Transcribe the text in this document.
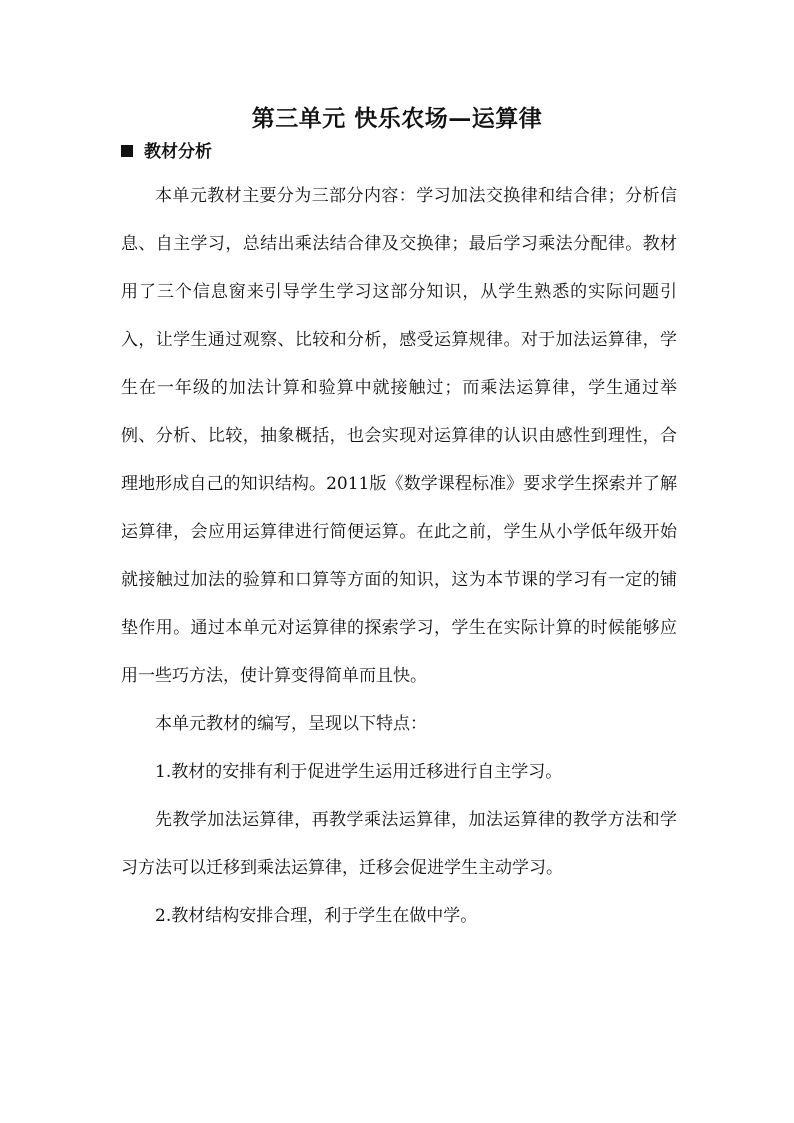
第三单元 快乐农场—运算律
教材分析

本单元教材主要分为三部分内容：学习加法交换律和结合律；分析信息、自主学习，总结出乘法结合律及交换律；最后学习乘法分配律。教材用了三个信息窗来引导学生学习这部分知识，从学生熟悉的实际问题引入，让学生通过观察、比较和分析，感受运算规律。对于加法运算律，学生在一年级的加法计算和验算中就接触过；而乘法运算律，学生通过举例、分析、比较，抽象概括，也会实现对运算律的认识由感性到理性，合理地形成自己的知识结构。2011版《数学课程标准》要求学生探索并了解运算律，会应用运算律进行简便运算。在此之前，学生从小学低年级开始就接触过加法的验算和口算等方面的知识，这为本节课的学习有一定的铺垫作用。通过本单元对运算律的探索学习，学生在实际计算的时候能够应用一些巧方法，使计算变得简单而且快。

本单元教材的编写，呈现以下特点：

1.教材的安排有利于促进学生运用迁移进行自主学习。

先教学加法运算律，再教学乘法运算律，加法运算律的教学方法和学习方法可以迁移到乘法运算律，迁移会促进学生主动学习。

2.教材结构安排合理，利于学生在做中学。
